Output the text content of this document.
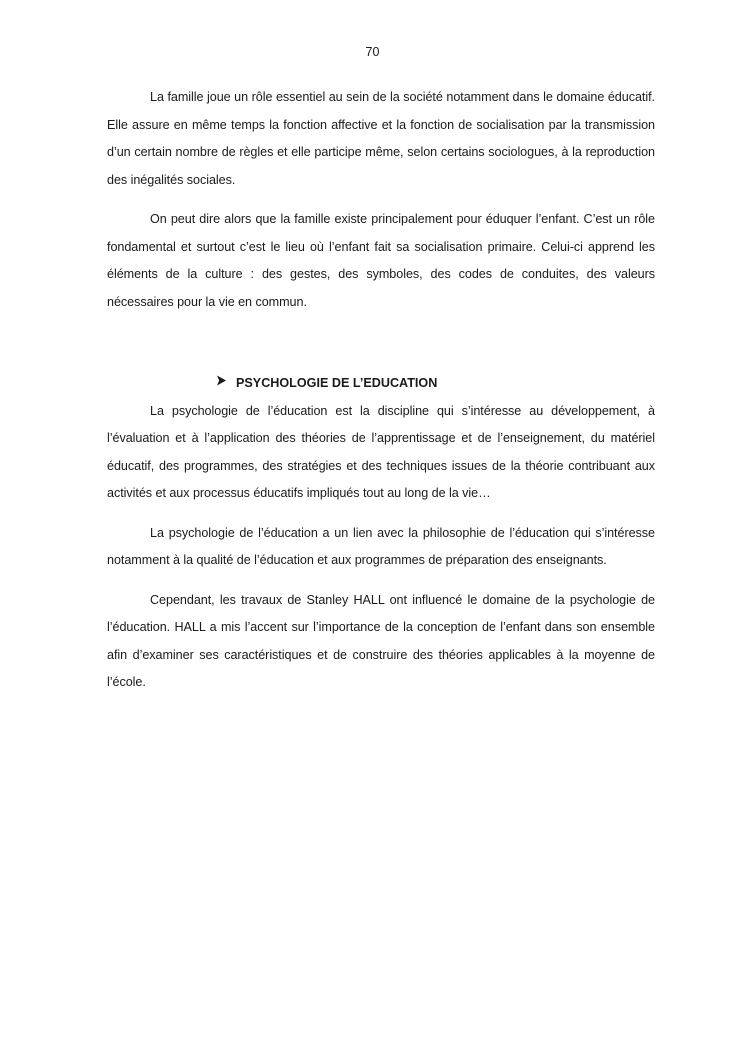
70

La famille joue un rôle essentiel au sein de la société notamment dans le domaine éducatif. Elle assure en même temps la fonction affective et la fonction de socialisation par la transmission d’un certain nombre de règles et elle participe même, selon certains sociologues, à la reproduction des inégalités sociales.

On peut dire alors que la famille existe principalement pour éduquer l’enfant. C’est un rôle fondamental et surtout c’est le lieu où l’enfant fait sa socialisation primaire. Celui-ci apprend les éléments de la culture : des gestes, des symboles, des codes de conduites, des valeurs nécessaires pour la vie en commun.

PSYCHOLOGIE DE L’EDUCATION

La psychologie de l’éducation est la discipline qui s’intéresse au développement, à l’évaluation et à l’application des théories de l’apprentissage et de l’enseignement, du matériel éducatif, des programmes, des stratégies et des techniques issues de la théorie contribuant aux activités et aux processus éducatifs impliqués tout au long de la vie…

La psychologie de l’éducation a un lien avec la philosophie de l’éducation qui s’intéresse notamment à la qualité de l’éducation et aux programmes de préparation des enseignants.

Cependant, les travaux de Stanley HALL ont influencé le domaine de la psychologie de l’éducation. HALL a mis l’accent sur l’importance de la conception de l’enfant dans son ensemble afin d’examiner ses caractéristiques et de construire des théories applicables à la moyenne de l’école.
